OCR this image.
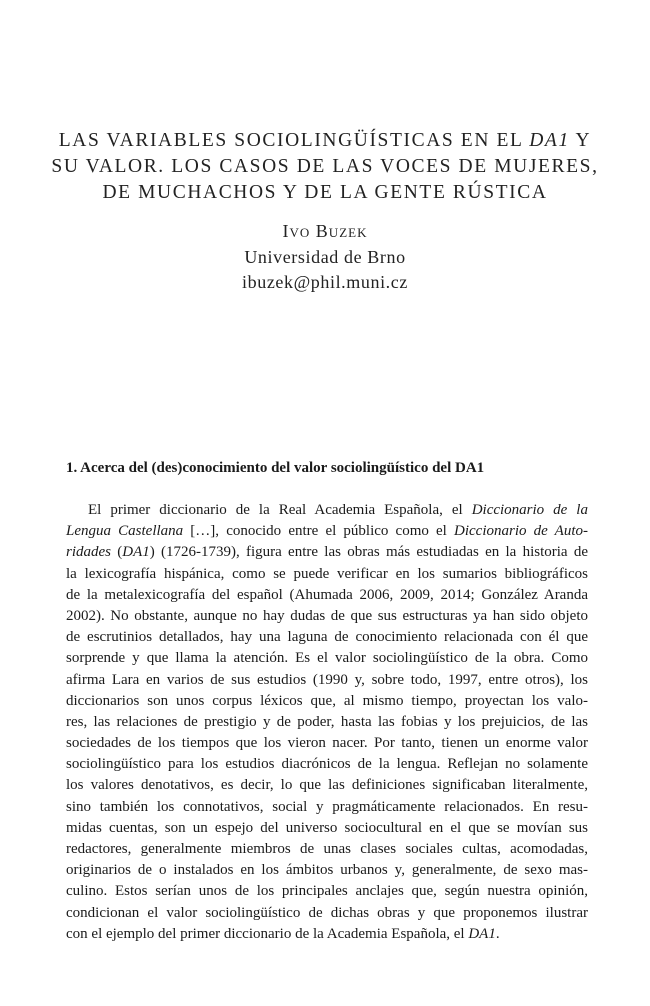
LAS VARIABLES SOCIOLINGÜÍSTICAS EN EL DA1 Y
SU VALOR. LOS CASOS DE LAS VOCES DE MUJERES,
DE MUCHACHOS Y DE LA GENTE RÚSTICA
Ivo Buzek
Universidad de Brno
ibuzek@phil.muni.cz
1. Acerca del (des)conocimiento del valor sociolingüístico del DA1
El primer diccionario de la Real Academia Española, el Diccionario de la
Lengua Castellana […], conocido entre el público como el Diccionario de Auto-
ridades (DA1) (1726-1739), figura entre las obras más estudiadas en la historia de
la lexicografía hispánica, como se puede verificar en los sumarios bibliográficos
de la metalexicografía del español (Ahumada 2006, 2009, 2014; González Aranda
2002). No obstante, aunque no hay dudas de que sus estructuras ya han sido objeto
de escrutinios detallados, hay una laguna de conocimiento relacionada con él que
sorprende y que llama la atención. Es el valor sociolingüístico de la obra. Como
afirma Lara en varios de sus estudios (1990 y, sobre todo, 1997, entre otros), los
diccionarios son unos corpus léxicos que, al mismo tiempo, proyectan los valo-
res, las relaciones de prestigio y de poder, hasta las fobias y los prejuicios, de las
sociedades de los tiempos que los vieron nacer. Por tanto, tienen un enorme valor
sociolingüístico para los estudios diacrónicos de la lengua. Reflejan no solamente
los valores denotativos, es decir, lo que las definiciones significaban literalmente,
sino también los connotativos, social y pragmáticamente relacionados. En resu-
midas cuentas, son un espejo del universo sociocultural en el que se movían sus
redactores, generalmente miembros de unas clases sociales cultas, acomodadas,
originarios de o instalados en los ámbitos urbanos y, generalmente, de sexo mas-
culino. Estos serían unos de los principales anclajes que, según nuestra opinión,
condicionan el valor sociolingüístico de dichas obras y que proponemos ilustrar
con el ejemplo del primer diccionario de la Academia Española, el DA1.
